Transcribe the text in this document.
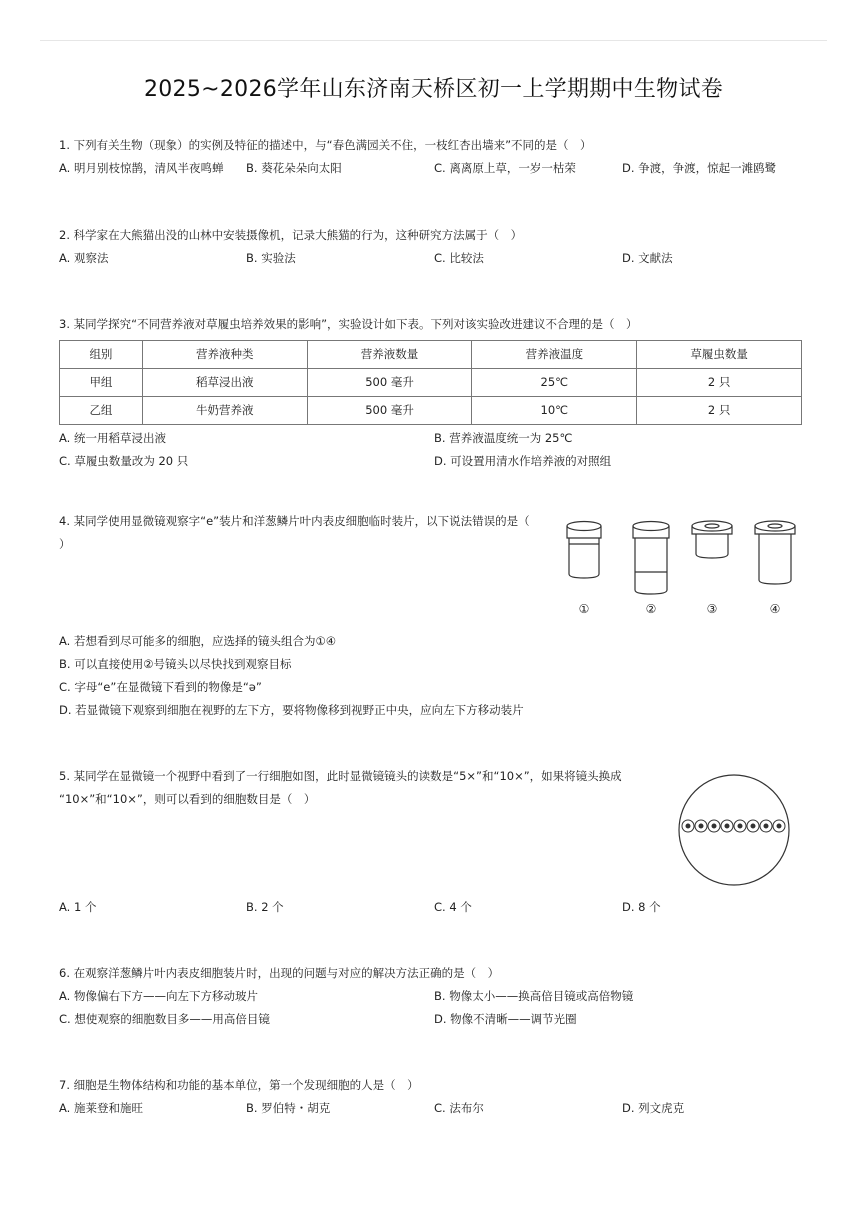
2025~2026学年山东济南天桥区初一上学期期中生物试卷
1. 下列有关生物（现象）的实例及特征的描述中，与“春色满园关不住，一枝红杏出墙来”不同的是（　）
A. 明月别枝惊鹊，清风半夜鸣蝉 B. 葵花朵朵向太阳	C. 离离原上草，一岁一枯荣	D. 争渡，争渡，惊起一滩鸥鹭
2. 科学家在大熊猫出没的山林中安装摄像机，记录大熊猫的行为，这种研究方法属于（　）
A. 观察法	B. 实验法	C. 比较法	D. 文献法
3. 某同学探究“不同营养液对草履虫培养效果的影响”，实验设计如下表。下列对该实验改进建议不合理的是（　）
组别	营养液种类	营养液数量	营养液温度	草履虫数量
甲组	稻草浸出液	500 毫升	25℃	2 只
乙组	牛奶营养液	500 毫升	10℃	2 只
A. 统一用稻草浸出液	B. 营养液温度统一为 25℃
C. 草履虫数量改为 20 只	D. 可设置用清水作培养液的对照组
4. 某同学使用显微镜观察字“e”装片和洋葱鳞片叶内表皮细胞临时装片，以下说法错误的是（
）
①	②	③	④
A. 若想看到尽可能多的细胞，应选择的镜头组合为①④
B. 可以直接使用②号镜头以尽快找到观察目标
C. 字母“e”在显微镜下看到的物像是“ə”
D. 若显微镜下观察到细胞在视野的左下方，要将物像移到视野正中央，应向左下方移动装片
5. 某同学在显微镜一个视野中看到了一行细胞如图，此时显微镜镜头的读数是“5×”和“10×”，如果将镜头换成
“10×”和“10×”，则可以看到的细胞数目是（　）
A. 1 个	B. 2 个	C. 4 个	D. 8 个
6. 在观察洋葱鳞片叶内表皮细胞装片时，出现的问题与对应的解决方法正确的是（　）
A. 物像偏右下方——向左下方移动玻片	B. 物像太小——换高倍目镜或高倍物镜
C. 想使观察的细胞数目多——用高倍目镜	D. 物像不清晰——调节光圈
7. 细胞是生物体结构和功能的基本单位，第一个发现细胞的人是（　）
A. 施莱登和施旺	B. 罗伯特・胡克	C. 法布尔	D. 列文虎克
